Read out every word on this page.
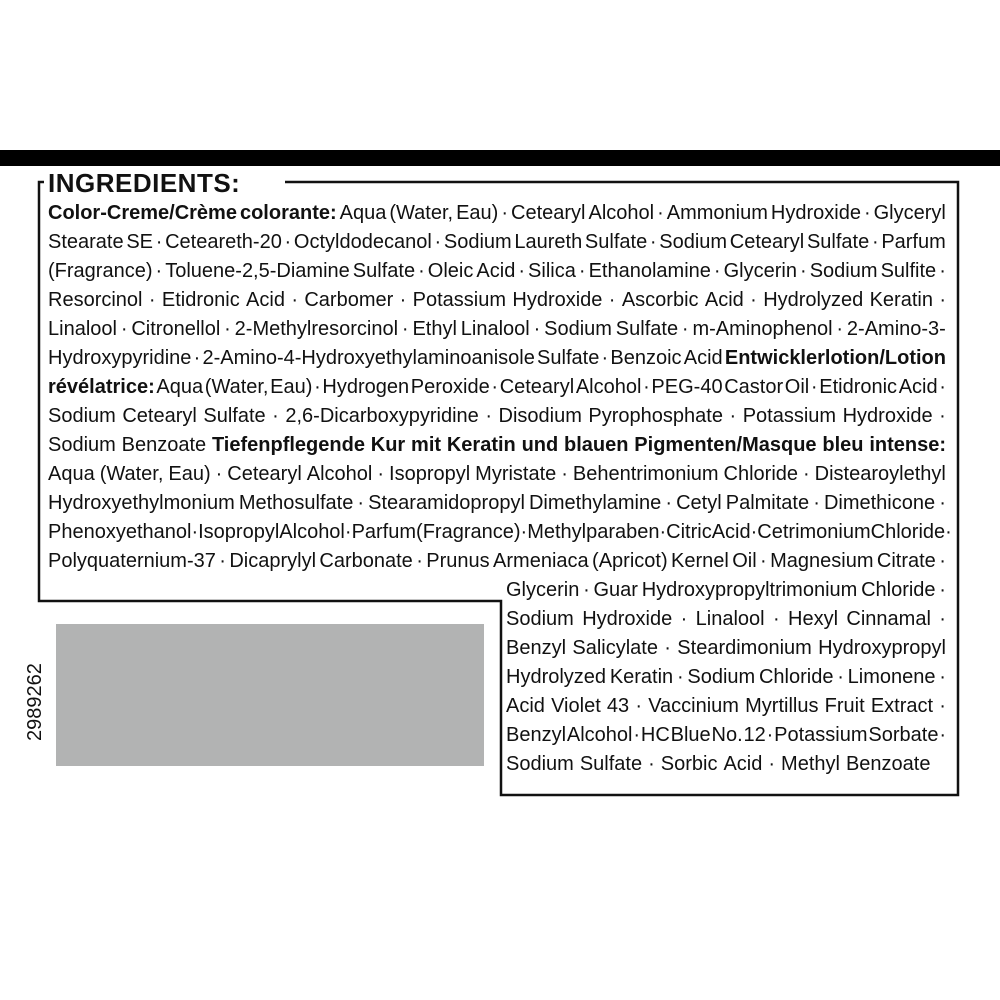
INGREDIENTS:
Color-Creme/Crème colorante: Aqua (Water, Eau) · Cetearyl Alcohol · Ammonium Hydroxide · Glyceryl
Stearate SE · Ceteareth-20 · Octyldodecanol · Sodium Laureth Sulfate · Sodium Cetearyl Sulfate · Parfum
(Fragrance) · Toluene-2,5-Diamine Sulfate · Oleic Acid · Silica · Ethanolamine · Glycerin · Sodium Sulfite ·
Resorcinol · Etidronic Acid · Carbomer · Potassium Hydroxide · Ascorbic Acid · Hydrolyzed Keratin ·
Linalool · Citronellol · 2-Methylresorcinol · Ethyl Linalool · Sodium Sulfate · m-Aminophenol · 2-Amino-3-
Hydroxypyridine · 2-Amino-4-Hydroxyethylaminoanisole Sulfate · Benzoic Acid Entwicklerlotion/Lotion
révélatrice: Aqua (Water, Eau) · Hydrogen Peroxide · Cetearyl Alcohol · PEG-40 Castor Oil · Etidronic Acid ·
Sodium Cetearyl Sulfate · 2,6-Dicarboxypyridine · Disodium Pyrophosphate · Potassium Hydroxide ·
Sodium Benzoate Tiefenpflegende Kur mit Keratin und blauen Pigmenten/Masque bleu intense:
Aqua (Water, Eau) · Cetearyl Alcohol · Isopropyl Myristate · Behentrimonium Chloride · Distearoylethyl
Hydroxyethylmonium Methosulfate · Stearamidopropyl Dimethylamine · Cetyl Palmitate · Dimethicone ·
Phenoxyethanol · Isopropyl Alcohol · Parfum (Fragrance) · Methylparaben · Citric Acid · Cetrimonium Chloride ·
Polyquaternium-37 · Dicaprylyl Carbonate · Prunus Armeniaca (Apricot) Kernel Oil · Magnesium Citrate ·
Glycerin · Guar Hydroxypropyltrimonium Chloride ·
Sodium Hydroxide · Linalool · Hexyl Cinnamal ·
Benzyl Salicylate · Steardimonium Hydroxypropyl
Hydrolyzed Keratin · Sodium Chloride · Limonene ·
Acid Violet 43 · Vaccinium Myrtillus Fruit Extract ·
Benzyl Alcohol · HC Blue No. 12 · Potassium Sorbate ·
Sodium Sulfate · Sorbic Acid · Methyl Benzoate
2989262
